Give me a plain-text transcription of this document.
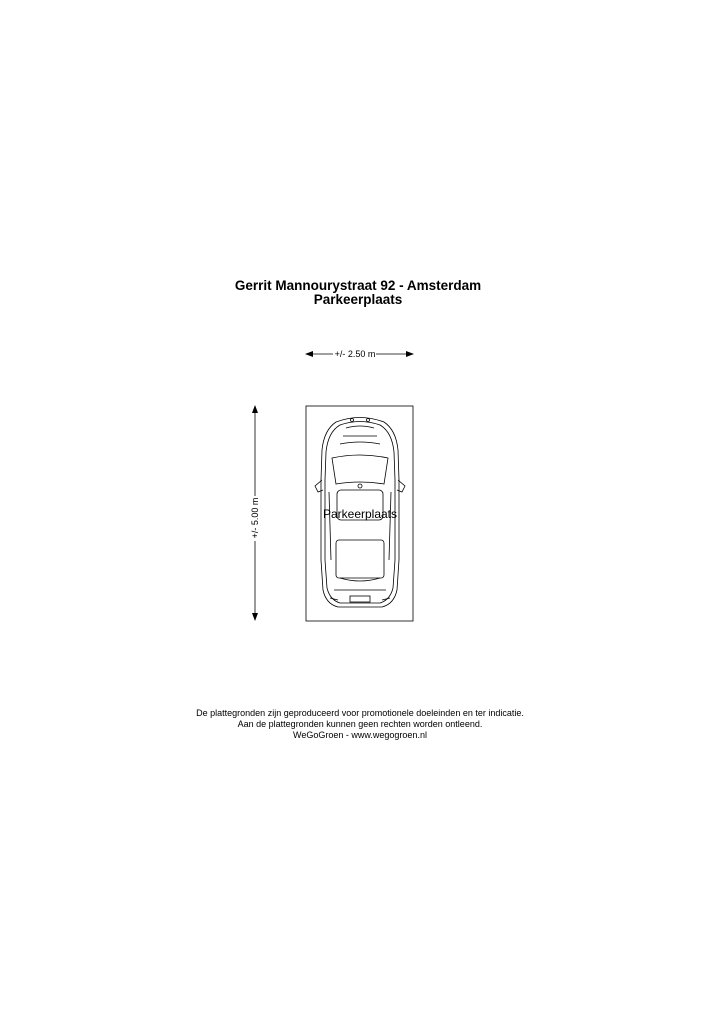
Gerrit Mannourystraat 92 - Amsterdam
Parkeerplaats
+/- 2.50 m
+/- 5.00 m	Parkeerplaats
De plattegronden zijn geproduceerd voor promotionele doeleinden en ter indicatie.
Aan de plattegronden kunnen geen rechten worden ontleend.
WeGoGroen - www.wegogroen.nl
